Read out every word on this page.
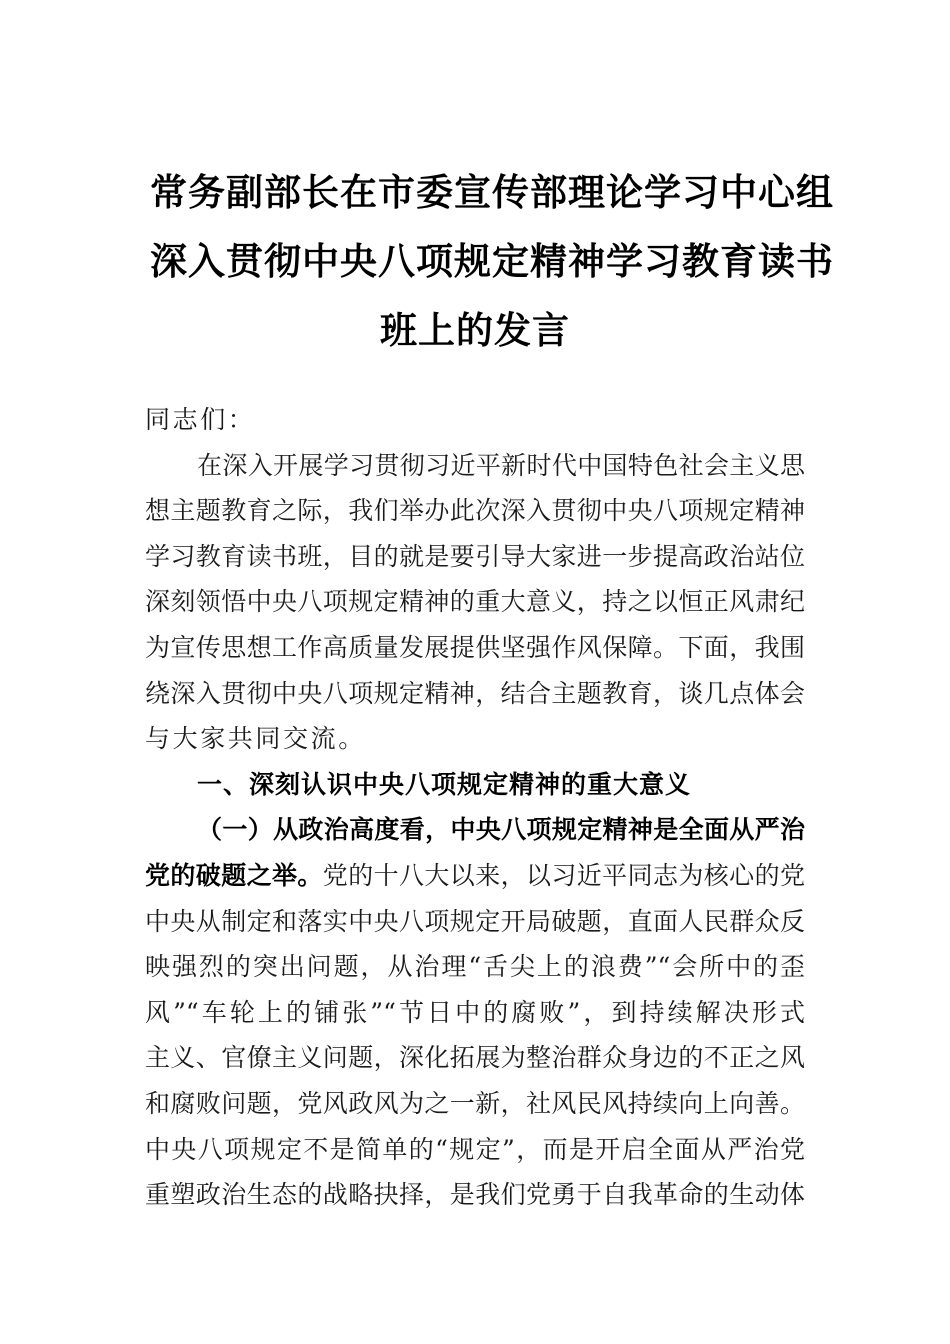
常务副部长在市委宣传部理论学习中心组
深入贯彻中央八项规定精神学习教育读书
班上的发言
同志们：
在深入开展学习贯彻习近平新时代中国特色社会主义思
想主题教育之际，我们举办此次深入贯彻中央八项规定精神
学习教育读书班，目的就是要引导大家进一步提高政治站位
深刻领悟中央八项规定精神的重大意义，持之以恒正风肃纪
为宣传思想工作高质量发展提供坚强作风保障。下面，我围
绕深入贯彻中央八项规定精神，结合主题教育，谈几点体会
与大家共同交流。
一、深刻认识中央八项规定精神的重大意义
（一）从政治高度看，中央八项规定精神是全面从严治
党的破题之举。党的十八大以来，以习近平同志为核心的党
中央从制定和落实中央八项规定开局破题，直面人民群众反
映强烈的突出问题，从治理“舌尖上的浪费”“会所中的歪
风”“车轮上的铺张”“节日中的腐败”，到持续解决形式
主义、官僚主义问题，深化拓展为整治群众身边的不正之风
和腐败问题，党风政风为之一新，社风民风持续向上向善。
中央八项规定不是简单的“规定”，而是开启全面从严治党
重塑政治生态的战略抉择，是我们党勇于自我革命的生动体
